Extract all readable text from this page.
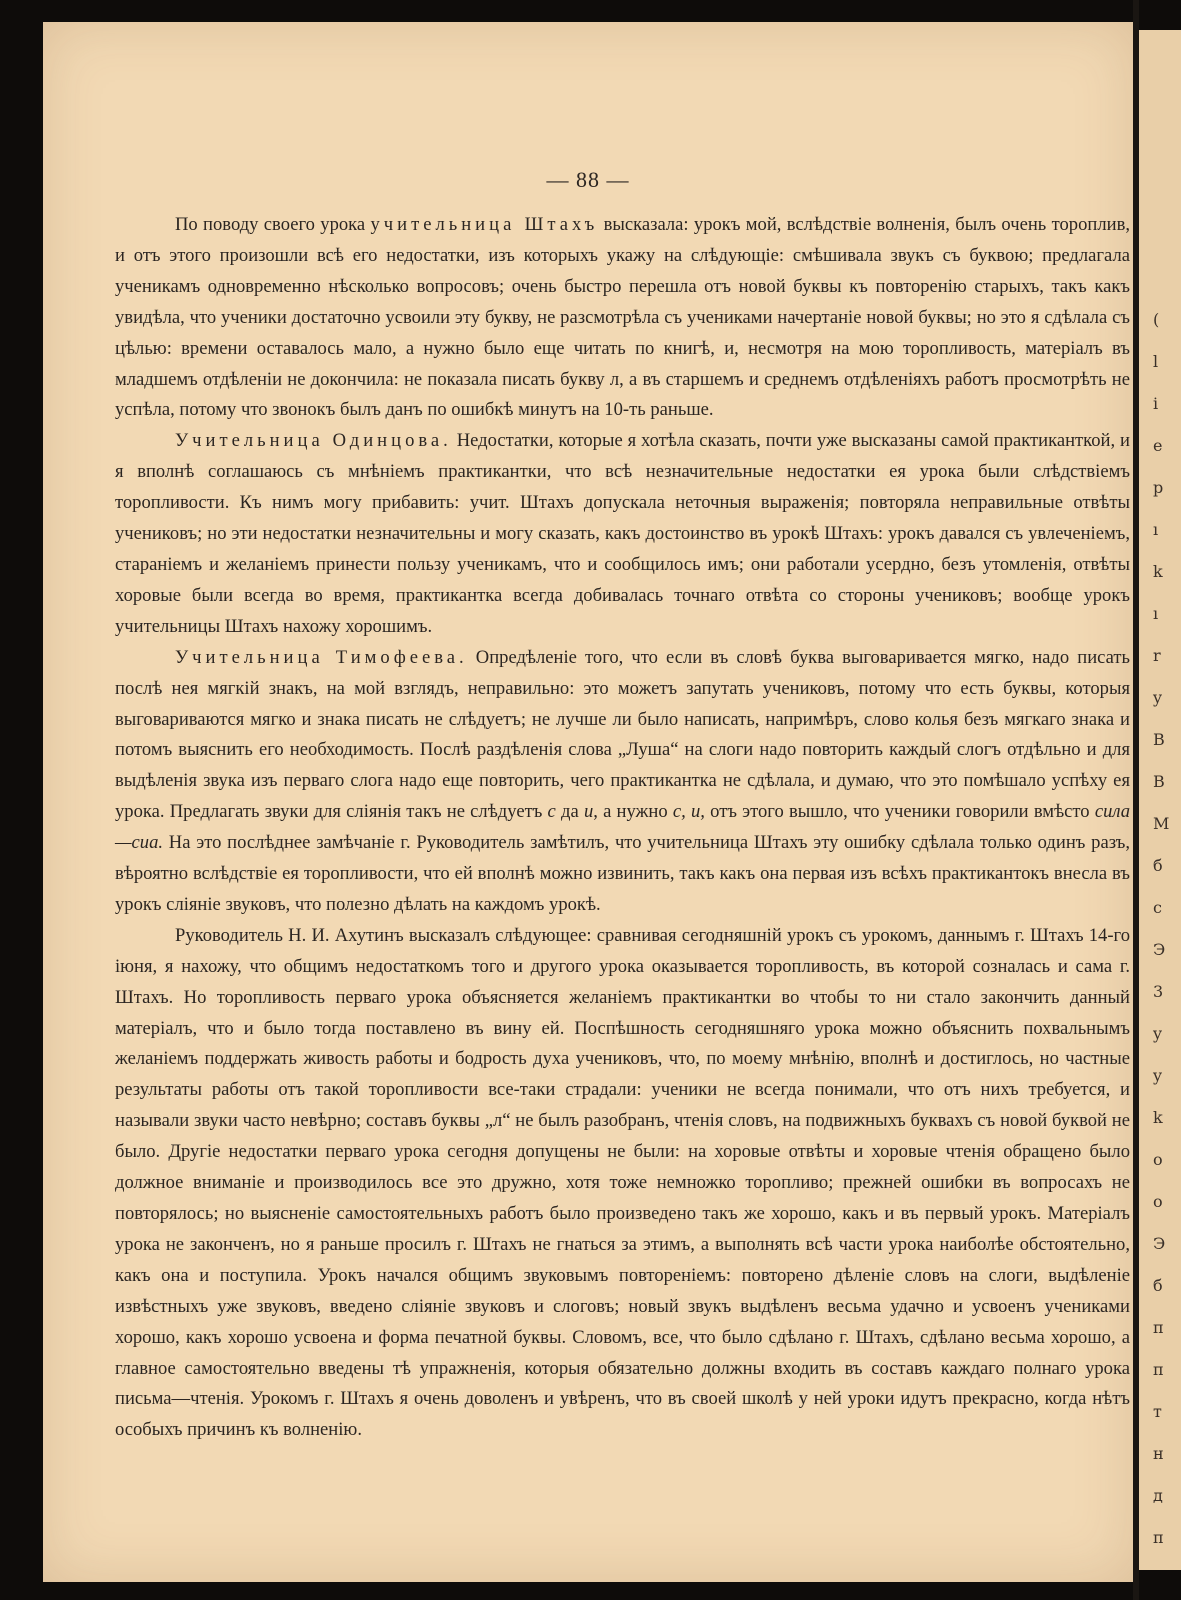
— 88 —

По поводу своего урока учительница Штахъ высказала: урокъ мой, вслѣдствіе волненія, былъ очень тороплив, и отъ этого произошли всѣ его недостатки, изъ которыхъ укажу на слѣдующіе: смѣшивала звукъ съ буквою; предлагала ученикамъ одновременно нѣсколько вопросовъ; очень быстро перешла отъ новой буквы къ повторенію старыхъ, такъ какъ увидѣла, что ученики достаточно усвоили эту букву, не разсмотрѣла съ учениками начертаніе новой буквы; но это я сдѣлала съ цѣлью: времени оставалось мало, а нужно было еще читать по книгѣ, и, несмотря на мою торопливость, матеріалъ въ младшемъ отдѣленіи не докончила: не показала писать букву л, а въ старшемъ и среднемъ отдѣленіяхъ работъ просмотрѣть не успѣла, потому что звонокъ былъ данъ по ошибкѣ минутъ на 10-ть раньше.

Учительница Одинцова. Недостатки, которые я хотѣла сказать, почти уже высказаны самой практиканткой, и я вполнѣ соглашаюсь съ мнѣніемъ практикантки, что всѣ незначительные недостатки ея урока были слѣдствіемъ торопливости. Къ нимъ могу прибавить: учит. Штахъ допускала неточныя выраженія; повторяла неправильные отвѣты учениковъ; но эти недостатки незначительны и могу сказать, какъ достоинство въ урокѣ Штахъ: урокъ давался съ увлеченіемъ, стараніемъ и желаніемъ принести пользу ученикамъ, что и сообщилось имъ; они работали усердно, безъ утомленія, отвѣты хоровые были всегда во время, практикантка всегда добивалась точнаго отвѣта со стороны учениковъ; вообще урокъ учительницы Штахъ нахожу хорошимъ.

Учительница Тимофеева. Опредѣленіе того, что если въ словѣ буква выговаривается мягко, надо писать послѣ нея мягкій знакъ, на мой взглядъ, неправильно: это можетъ запутать учениковъ, потому что есть буквы, которыя выговариваются мягко и знака писать не слѣдуетъ; не лучше ли было написать, напримѣръ, слово колья безъ мягкаго знака и потомъ выяснить его необходимость. Послѣ раздѣленія слова „Луша“ на слоги надо повторить каждый слогъ отдѣльно и для выдѣленія звука изъ перваго слога надо еще повторить, чего практикантка не сдѣлала, и думаю, что это помѣшало успѣху ея урока. Предлагать звуки для сліянія такъ не слѣдуетъ с да и, а нужно с, и, отъ этого вышло, что ученики говорили вмѣсто сила—сиа. На это послѣднее замѣчаніе г. Руководитель замѣтилъ, что учительница Штахъ эту ошибку сдѣлала только одинъ разъ, вѣроятно вслѣдствіе ея торопливости, что ей вполнѣ можно извинить, такъ какъ она первая изъ всѣхъ практикантокъ внесла въ урокъ сліяніе звуковъ, что полезно дѣлать на каждомъ урокѣ.

Руководитель Н. И. Ахутинъ высказалъ слѣдующее: сравнивая сегодняшній урокъ съ урокомъ, даннымъ г. Штахъ 14-го іюня, я нахожу, что общимъ недостаткомъ того и другого урока оказывается торопливость, въ которой созналась и сама г. Штахъ. Но торопливость перваго урока объясняется желаніемъ практикантки во чтобы то ни стало закончить данный матеріалъ, что и было тогда поставлено въ вину ей. Поспѣшность сегодняшняго урока можно объяснить похвальнымъ желаніемъ поддержать живость работы и бодрость духа учениковъ, что, по моему мнѣнію, вполнѣ и достиглось, но частные результаты работы отъ такой торопливости все-таки страдали: ученики не всегда понимали, что отъ нихъ требуется, и называли звуки часто невѣрно; составъ буквы „л“ не былъ разобранъ, чтенія словъ, на подвижныхъ буквахъ съ новой буквой не было. Другіе недостатки перваго урока сегодня допущены не были: на хоровые отвѣты и хоровые чтенія обращено было должное вниманіе и производилось все это дружно, хотя тоже немножко торопливо; прежней ошибки въ вопросахъ не повторялось; но выясненіе самостоятельныхъ работъ было произведено такъ же хорошо, какъ и въ первый урокъ. Матеріалъ урока не законченъ, но я раньше просилъ г. Штахъ не гнаться за этимъ, а выполнять всѣ части урока наиболѣе обстоятельно, какъ она и поступила. Урокъ начался общимъ звуковымъ повтореніемъ: повторено дѣленіе словъ на слоги, выдѣленіе извѣстныхъ уже звуковъ, введено сліяніе звуковъ и слоговъ; новый звукъ выдѣленъ весьма удачно и усвоенъ учениками хорошо, какъ хорошо усвоена и форма печатной буквы. Словомъ, все, что было сдѣлано г. Штахъ, сдѣлано весьма хорошо, а главное самостоятельно введены тѣ упражненія, которыя обязательно должны входить въ составъ каждаго полнаго урока письма—чтенія. Урокомъ г. Штахъ я очень доволенъ и увѣренъ, что въ своей школѣ у ней уроки идутъ прекрасно, когда нѣтъ особыхъ причинъ къ волненію.

(
l
i
e
p
ı
k
ı
r
y
B
B
M
б
c
Э
3
y
y
k
o
o
Э
б
п
п
т
н
д
п
